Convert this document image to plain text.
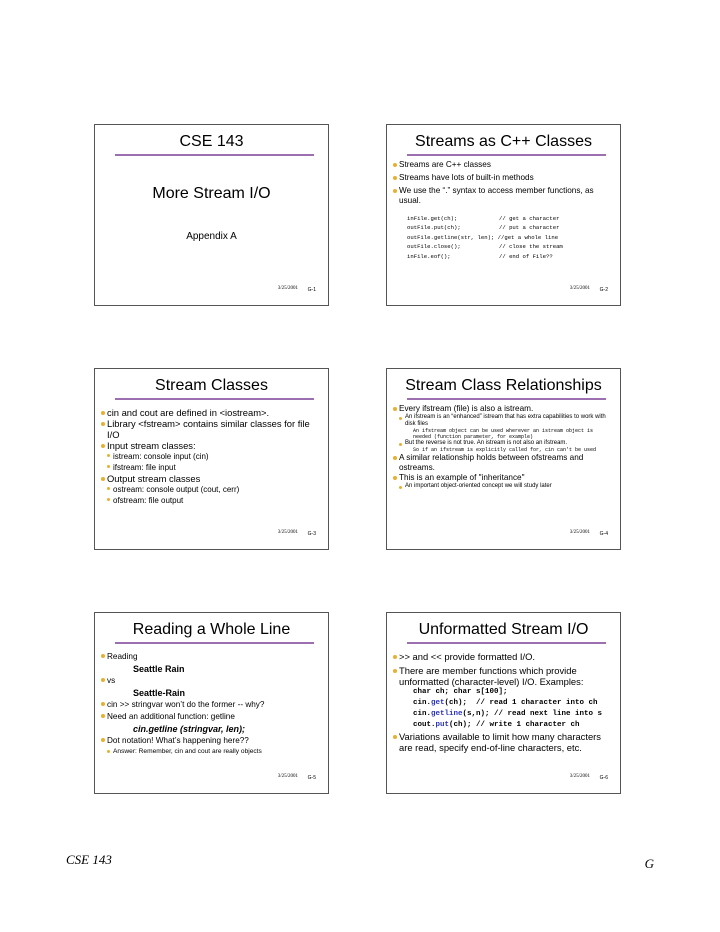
CSE 143
More Stream I/O
Appendix A
3/25/2001 G-1
Streams as C++ Classes
Streams are C++ classes
Streams have lots of built-in methods
We use the “.” syntax to access member functions, as usual.
inFile.get(ch);	// get a character
outFile.put(ch);	// put a character
outFile.getline(str, len); //get a whole line
outFile.close();	// close the stream
inFile.eof();	// end of File??
3/25/2001 G-2
Stream Classes
cin and cout are defined in <iostream>.
Library <fstream> contains similar classes for file I/O
Input stream classes:
istream: console input (cin)
ifstream: file input
Output stream classes
ostream: console output (cout, cerr)
ofstream: file output
3/25/2001 G-3
Stream Class Relationships
Every ifstream (file) is also a istream.
An ifstream is an “enhanced” istream that has extra capabilities to work with disk files
An ifstream object can be used wherever an istream object is needed (function parameter, for example)
But the reverse is not true. An istream is not also an ifstream.
So if an ifstream is explicitly called for, cin can't be used
A similar relationship holds between ofstreams and ostreams.
This is an example of "inheritance"
An important object-oriented concept we will study later
3/25/2001 G-4
Reading a Whole Line
Reading
Seattle Rain
vs
Seattle-Rain
cin >> stringvar won’t do the former -- why?
Need an additional function: getline
cin.getline (stringvar, len);
Dot notation! What’s happening here??
Answer: Remember, cin and cout are really objects
3/25/2001 G-5
Unformatted Stream I/O
>> and << provide formatted I/O.
There are member functions which provide unformatted (character-level) I/O. Examples:
char ch; char s[100];
cin.get(ch);  // read 1 character into ch
cin.getline(s,n); // read next line into s
cout.put(ch); // write 1 character ch
Variations available to limit how many characters are read, specify end-of-line characters, etc.
3/25/2001 G-6
CSE 143	G
